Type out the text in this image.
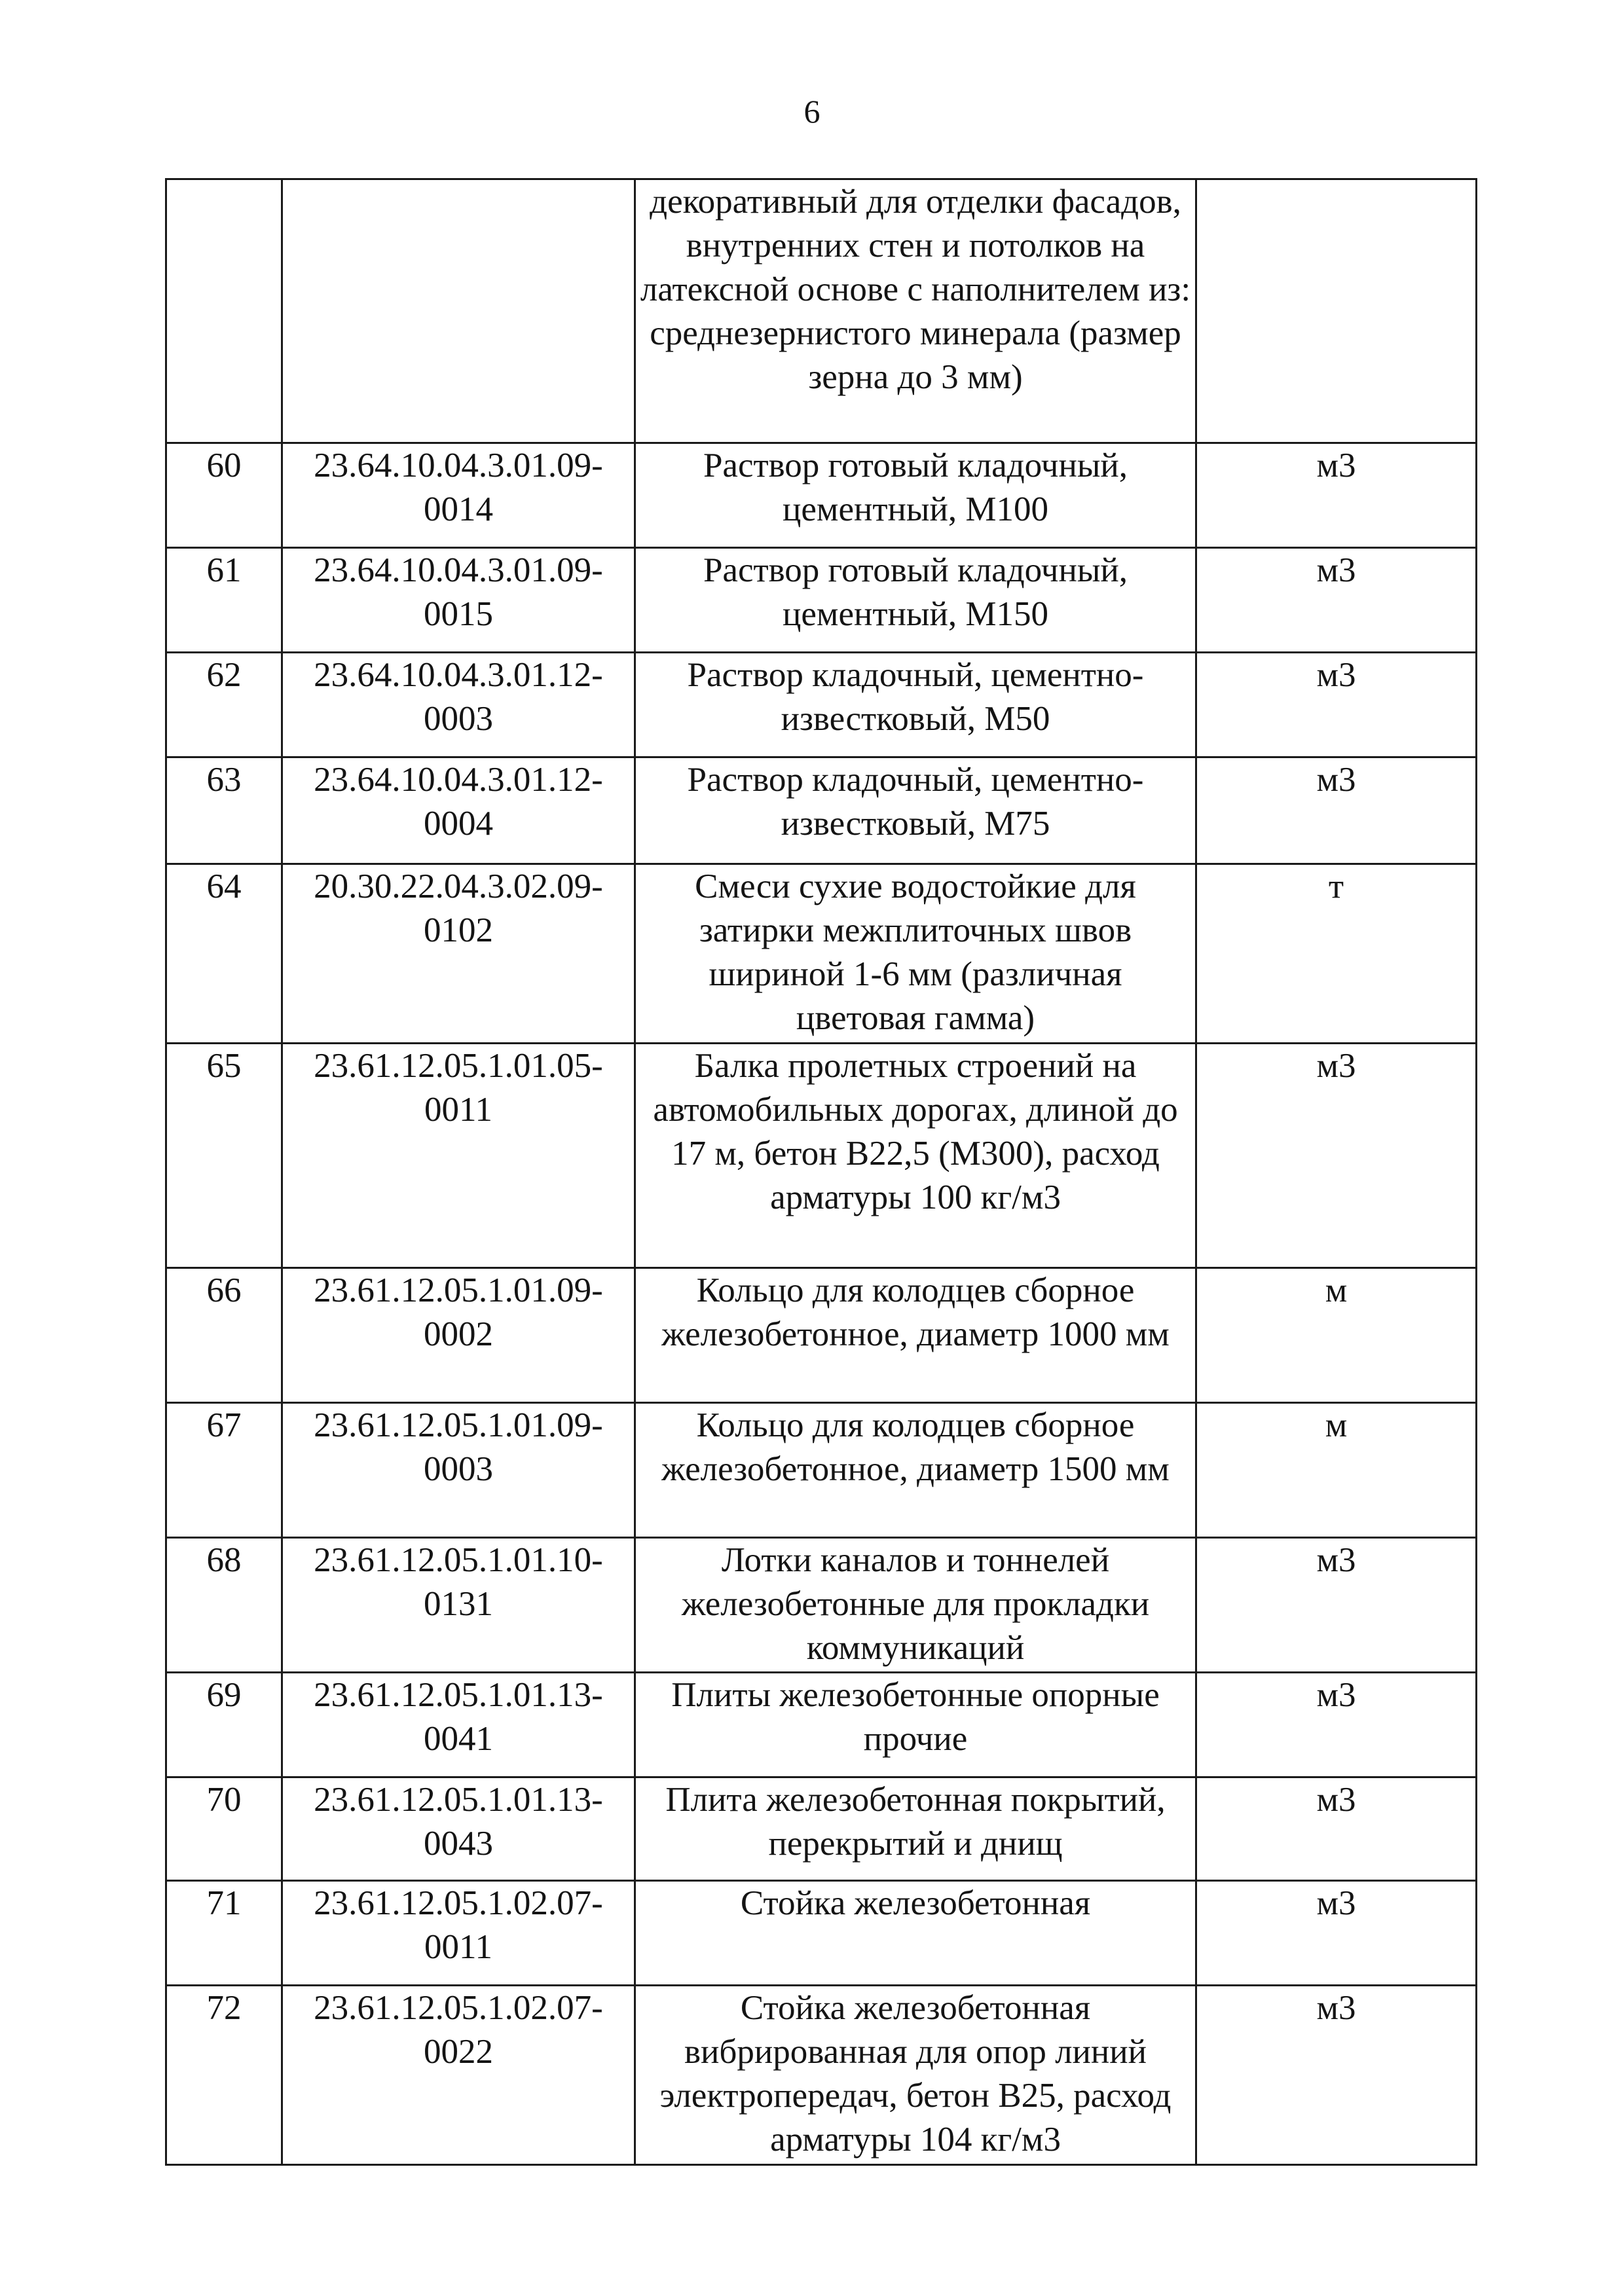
6
		декоративный для отделки фасадов, внутренних стен и потолков на латексной основе с наполнителем из: среднезернистого минерала (размер зерна до 3 мм)	
60	23.64.10.04.3.01.09-0014	Раствор готовый кладочный, цементный, М100	м3
61	23.64.10.04.3.01.09-0015	Раствор готовый кладочный, цементный, М150	м3
62	23.64.10.04.3.01.12-0003	Раствор кладочный, цементно-известковый, М50	м3
63	23.64.10.04.3.01.12-0004	Раствор кладочный, цементно-известковый, М75	м3
64	20.30.22.04.3.02.09-0102	Смеси сухие водостойкие для затирки межплиточных швов шириной 1-6 мм (различная цветовая гамма)	т
65	23.61.12.05.1.01.05-0011	Балка пролетных строений на автомобильных дорогах, длиной до 17 м, бетон В22,5 (М300), расход арматуры 100 кг/м3	м3
66	23.61.12.05.1.01.09-0002	Кольцо для колодцев сборное железобетонное, диаметр 1000 мм	м
67	23.61.12.05.1.01.09-0003	Кольцо для колодцев сборное железобетонное, диаметр 1500 мм	м
68	23.61.12.05.1.01.10-0131	Лотки каналов и тоннелей железобетонные для прокладки коммуникаций	м3
69	23.61.12.05.1.01.13-0041	Плиты железобетонные опорные прочие	м3
70	23.61.12.05.1.01.13-0043	Плита железобетонная покрытий, перекрытий и днищ	м3
71	23.61.12.05.1.02.07-0011	Стойка железобетонная	м3
72	23.61.12.05.1.02.07-0022	Стойка железобетонная вибрированная для опор линий электропередач, бетон В25, расход арматуры 104 кг/м3	м3
